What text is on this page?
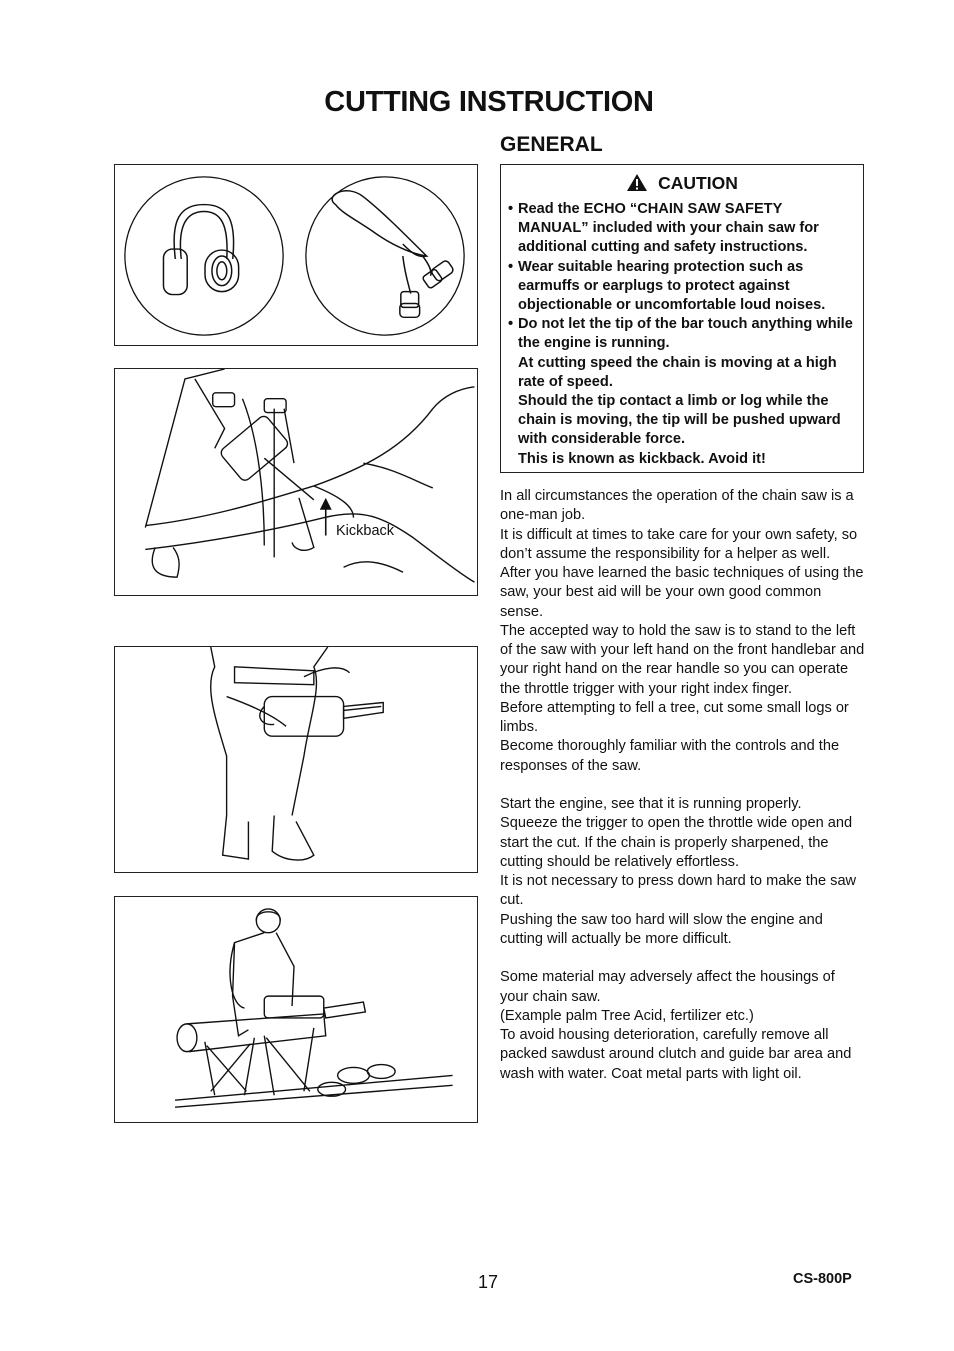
CUTTING INSTRUCTION
GENERAL
Kickback
CAUTION
• Read the ECHO “CHAIN SAW SAFETY MANUAL” included with your chain saw for additional cutting and safety instructions.
• Wear suitable hearing protection such as earmuffs or earplugs to protect against objectionable or uncomfortable loud noises.
• Do not let the tip of the bar touch anything while the engine is running.
At cutting speed the chain is moving at a high rate of speed.
Should the tip contact a limb or log while the chain is moving, the tip will be pushed upward with considerable force.
This is known as kickback. Avoid it!

In all circumstances the operation of the chain saw is a one-man job.

It is difficult at times to take care for your own safety, so don’t assume the responsibility for a helper as well.

After you have learned the basic techniques of using the saw, your best aid will be your own good common sense.

The accepted way to hold the saw is to stand to the left of the saw with your left hand on the front handlebar and your right hand on the rear handle so you can operate the throttle trigger with your right index finger.

Before attempting to fell a tree, cut some small logs or limbs.

Become thoroughly familiar with the controls and the responses of the saw.

Start the engine, see that it is running properly.

Squeeze the trigger to open the throttle wide open and start the cut. If the chain is properly sharpened, the cutting should be relatively effortless.

It is not necessary to press down hard to make the saw cut.

Pushing the saw too hard will slow the engine and cutting will actually be more difficult.

Some material may adversely affect the housings of your chain saw.

(Example palm Tree Acid, fertilizer etc.)

To avoid housing deterioration, carefully remove all packed sawdust around clutch and guide bar area and wash with water. Coat metal parts with light oil.

17	CS-800P
